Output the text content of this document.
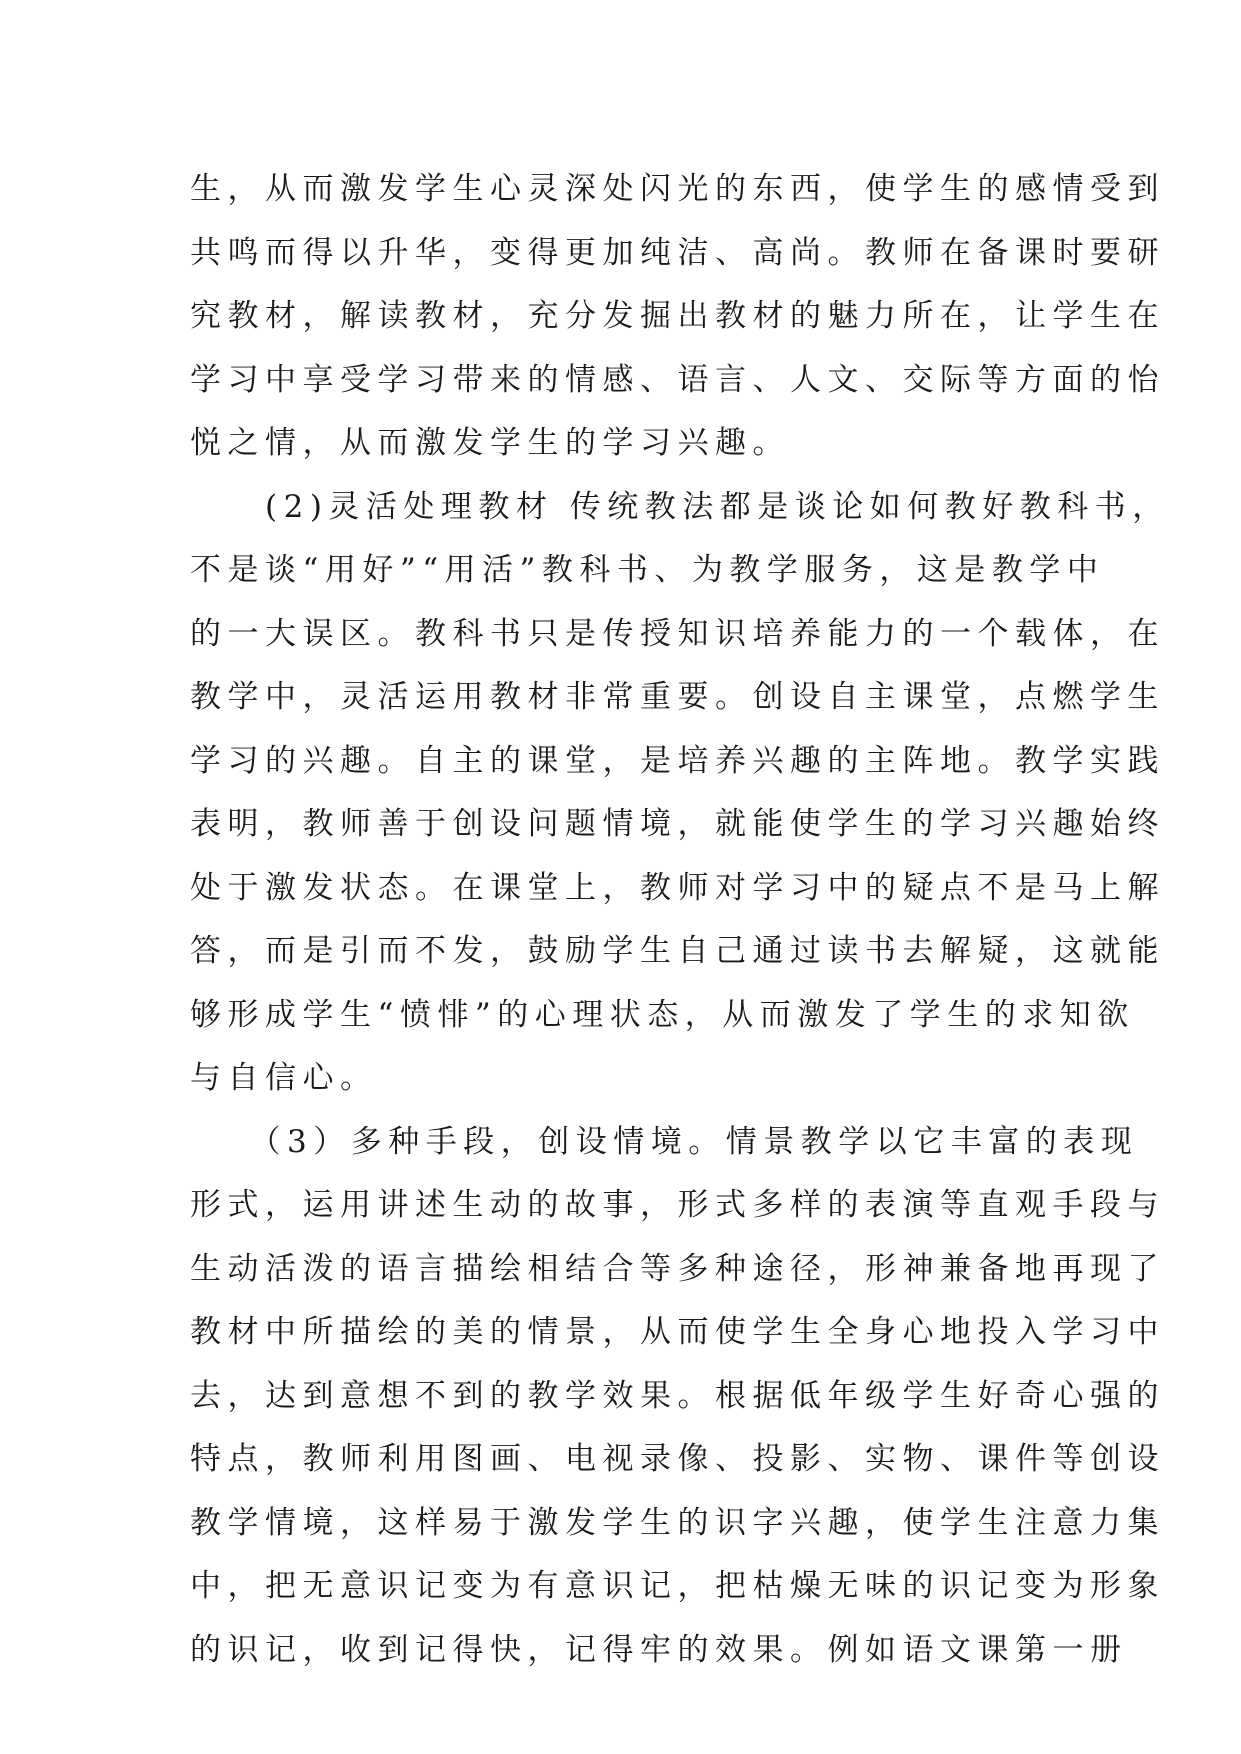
生，从而激发学生心灵深处闪光的东西，使学生的感情受到
共鸣而得以升华，变得更加纯洁、高尚。教师在备课时要研
究教材，解读教材，充分发掘出教材的魅力所在，让学生在
学习中享受学习带来的情感、语言、人文、交际等方面的怡
悦之情，从而激发学生的学习兴趣。
　　(2)灵活处理教材 传统教法都是谈论如何教好教科书，
不是谈“用好”“用活”教科书、为教学服务，这是教学中
的一大误区。教科书只是传授知识培养能力的一个载体，在
教学中，灵活运用教材非常重要。创设自主课堂，点燃学生
学习的兴趣。自主的课堂，是培养兴趣的主阵地。教学实践
表明，教师善于创设问题情境，就能使学生的学习兴趣始终
处于激发状态。在课堂上，教师对学习中的疑点不是马上解
答，而是引而不发，鼓励学生自己通过读书去解疑，这就能
够形成学生“愤悱”的心理状态，从而激发了学生的求知欲
与自信心。
　　（3）多种手段，创设情境。情景教学以它丰富的表现
形式，运用讲述生动的故事，形式多样的表演等直观手段与
生动活泼的语言描绘相结合等多种途径，形神兼备地再现了
教材中所描绘的美的情景，从而使学生全身心地投入学习中
去，达到意想不到的教学效果。根据低年级学生好奇心强的
特点，教师利用图画、电视录像、投影、实物、课件等创设
教学情境，这样易于激发学生的识字兴趣，使学生注意力集
中，把无意识记变为有意识记，把枯燥无味的识记变为形象
的识记，收到记得快，记得牢的效果。例如语文课第一册
